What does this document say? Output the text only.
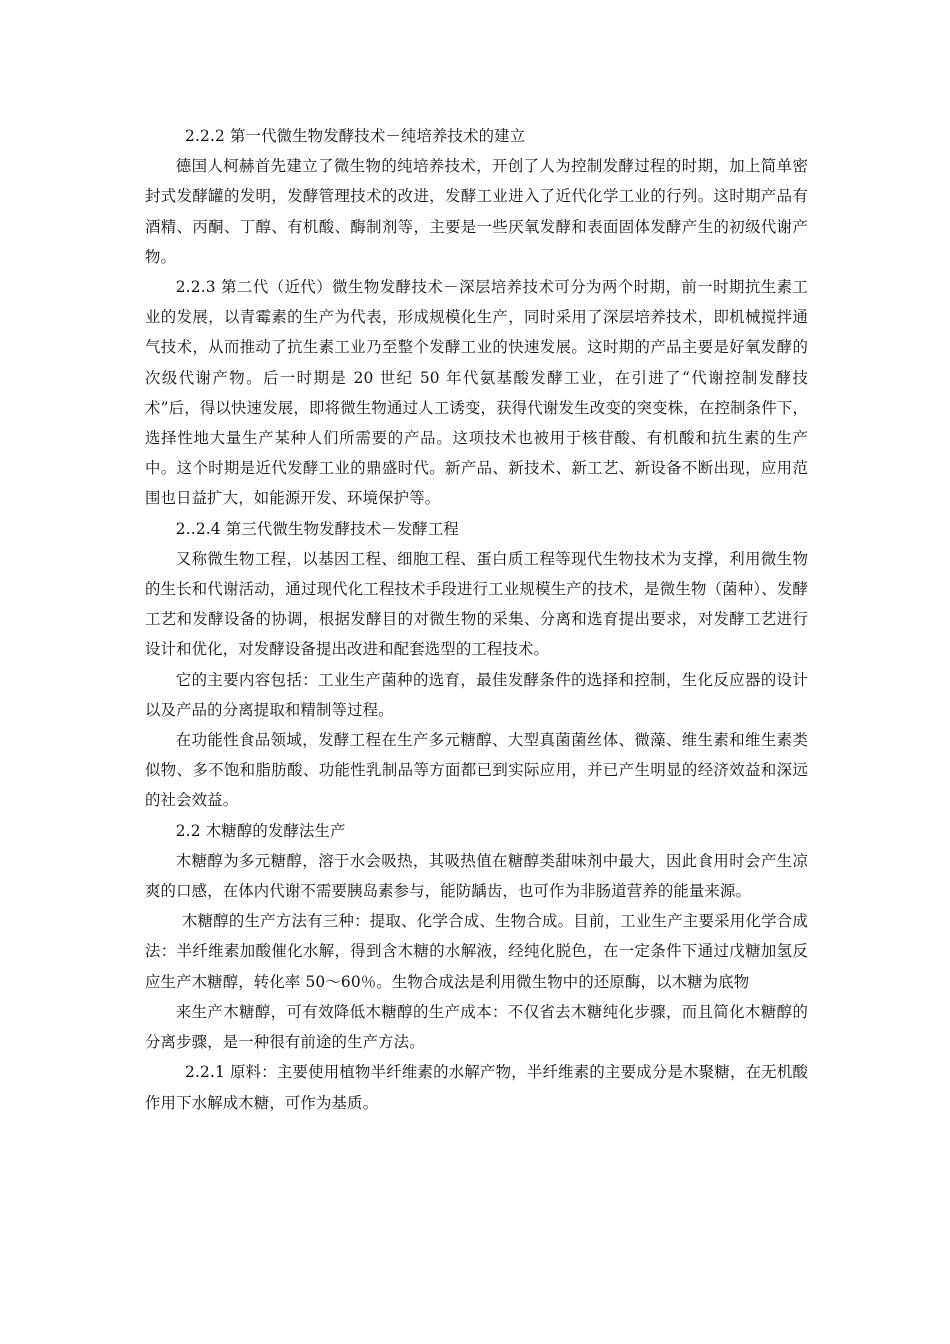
2.2.2 第一代微生物发酵技术－纯培养技术的建立

德国人柯赫首先建立了微生物的纯培养技术，开创了人为控制发酵过程的时期，加上简单密封式发酵罐的发明，发酵管理技术的改进，发酵工业进入了近代化学工业的行列。这时期产品有酒精、丙酮、丁醇、有机酸、酶制剂等，主要是一些厌氧发酵和表面固体发酵产生的初级代谢产物。

2.2.3 第二代（近代）微生物发酵技术－深层培养技术可分为两个时期，前一时期抗生素工业的发展，以青霉素的生产为代表，形成规模化生产，同时采用了深层培养技术，即机械搅拌通气技术，从而推动了抗生素工业乃至整个发酵工业的快速发展。这时期的产品主要是好氧发酵的次级代谢产物。后一时期是 20 世纪 50 年代氨基酸发酵工业，在引进了“代谢控制发酵技术”后，得以快速发展，即将微生物通过人工诱变，获得代谢发生改变的突变株，在控制条件下，选择性地大量生产某种人们所需要的产品。这项技术也被用于核苷酸、有机酸和抗生素的生产中。这个时期是近代发酵工业的鼎盛时代。新产品、新技术、新工艺、新设备不断出现，应用范围也日益扩大，如能源开发、环境保护等。

2..2.4 第三代微生物发酵技术－发酵工程

又称微生物工程，以基因工程、细胞工程、蛋白质工程等现代生物技术为支撑，利用微生物的生长和代谢活动，通过现代化工程技术手段进行工业规模生产的技术，是微生物（菌种）、发酵工艺和发酵设备的协调，根据发酵目的对微生物的采集、分离和选育提出要求，对发酵工艺进行设计和优化，对发酵设备提出改进和配套选型的工程技术。

它的主要内容包括：工业生产菌种的选育，最佳发酵条件的选择和控制，生化反应器的设计以及产品的分离提取和精制等过程。

在功能性食品领域，发酵工程在生产多元糖醇、大型真菌菌丝体、微藻、维生素和维生素类似物、多不饱和脂肪酸、功能性乳制品等方面都已到实际应用，并已产生明显的经济效益和深远的社会效益。

2.2 木糖醇的发酵法生产

木糖醇为多元糖醇，溶于水会吸热，其吸热值在糖醇类甜味剂中最大，因此食用时会产生凉爽的口感，在体内代谢不需要胰岛素参与，能防龋齿，也可作为非肠道营养的能量来源。

木糖醇的生产方法有三种：提取、化学合成、生物合成。目前，工业生产主要采用化学合成法：半纤维素加酸催化水解，得到含木糖的水解液，经纯化脱色，在一定条件下通过戊糖加氢反应生产木糖醇，转化率 50～60％。生物合成法是利用微生物中的还原酶，以木糖为底物

来生产木糖醇，可有效降低木糖醇的生产成本：不仅省去木糖纯化步骤，而且简化木糖醇的分离步骤，是一种很有前途的生产方法。

2.2.1 原料：主要使用植物半纤维素的水解产物，半纤维素的主要成分是木聚糖，在无机酸作用下水解成木糖，可作为基质。
